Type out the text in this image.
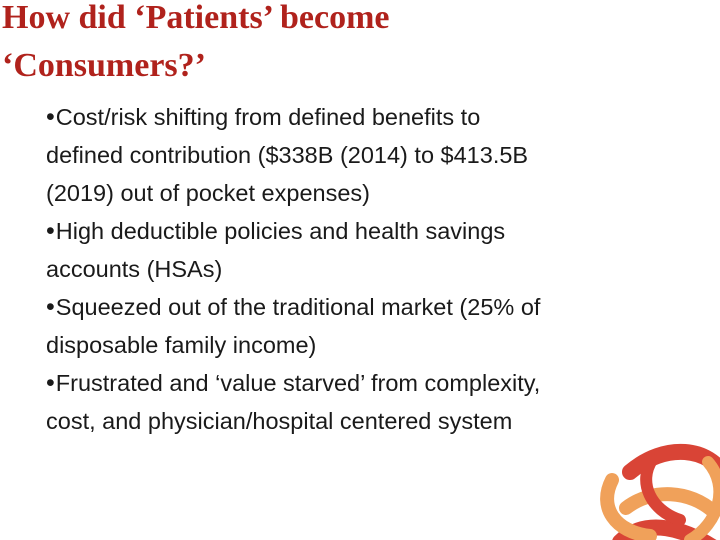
How did ‘Patients’ become
‘Consumers?’
•Cost/risk shifting from defined benefits to
defined contribution ($338B (2014) to $413.5B
(2019) out of pocket expenses)
•High deductible policies and health savings
accounts (HSAs)
•Squeezed out of the traditional market (25% of
disposable family income)
•Frustrated and ‘value starved’ from complexity,
cost, and physician/hospital centered system
